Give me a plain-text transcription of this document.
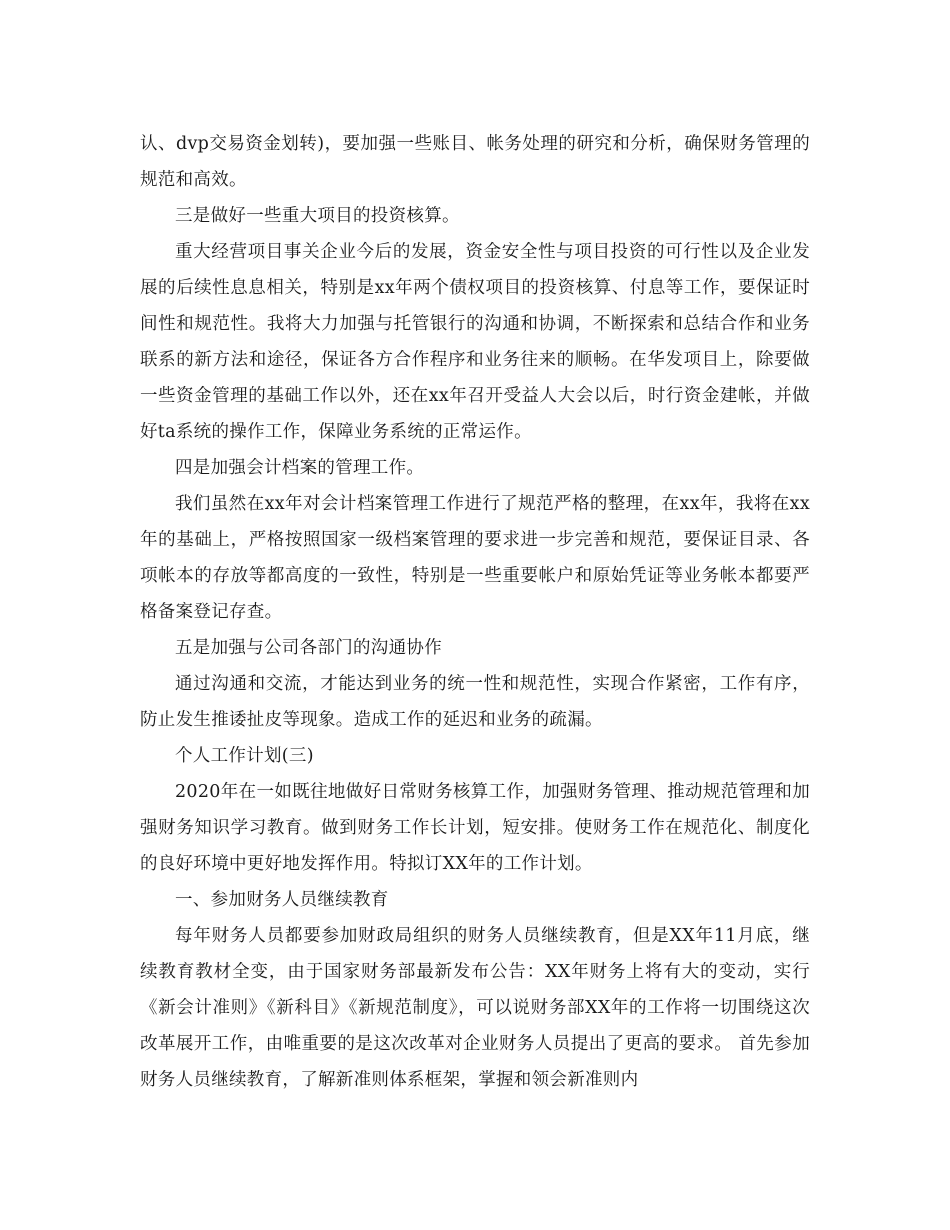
认、dvp交易资金划转)，要加强一些账目、帐务处理的研究和分析，确保财务管理的规范和高效。

三是做好一些重大项目的投资核算。

重大经营项目事关企业今后的发展，资金安全性与项目投资的可行性以及企业发展的后续性息息相关，特别是xx年两个债权项目的投资核算、付息等工作，要保证时间性和规范性。我将大力加强与托管银行的沟通和协调，不断探索和总结合作和业务联系的新方法和途径，保证各方合作程序和业务往来的顺畅。在华发项目上，除要做一些资金管理的基础工作以外，还在xx年召开受益人大会以后，时行资金建帐，并做好ta系统的操作工作，保障业务系统的正常运作。

四是加强会计档案的管理工作。

我们虽然在xx年对会计档案管理工作进行了规范严格的整理，在xx年，我将在xx年的基础上，严格按照国家一级档案管理的要求进一步完善和规范，要保证目录、各项帐本的存放等都高度的一致性，特别是一些重要帐户和原始凭证等业务帐本都要严格备案登记存查。

五是加强与公司各部门的沟通协作

通过沟通和交流，才能达到业务的统一性和规范性，实现合作紧密，工作有序，防止发生推诿扯皮等现象。造成工作的延迟和业务的疏漏。

个人工作计划(三)

2020年在一如既往地做好日常财务核算工作，加强财务管理、推动规范管理和加强财务知识学习教育。做到财务工作长计划，短安排。使财务工作在规范化、制度化的良好环境中更好地发挥作用。特拟订XX年的工作计划。

一、参加财务人员继续教育

每年财务人员都要参加财政局组织的财务人员继续教育，但是XX年11月底，继续教育教材全变，由于国家财务部最新发布公告：XX年财务上将有大的变动，实行《新会计准则》《新科目》《新规范制度》，可以说财务部XX年的工作将一切围绕这次改革展开工作，由唯重要的是这次改革对企业财务人员提出了更高的要求。 首先参加财务人员继续教育，了解新准则体系框架，掌握和领会新准则内
